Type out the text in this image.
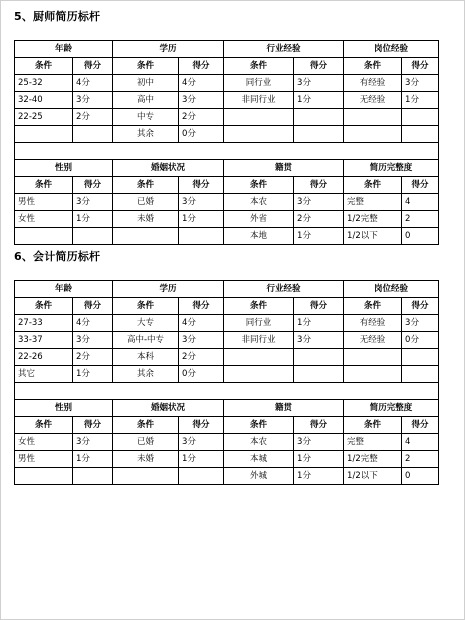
5、厨师简历标杆
年龄		学历		行业经验		岗位经验	
条件	得分	条件	得分	条件	得分	条件	得分
25-32	4分	初中	4分	同行业	3分	有经验	3分
32-40	3分	高中	3分	非同行业	1分	无经验	1分
22-25	2分	中专	2分				
		其余	0分				

性别		婚姻状况		籍贯		简历完整度	
条件	得分	条件	得分	条件	得分	条件	得分
男性	3分	已婚	3分	本农	3分	完整	4
女性	1分	未婚	1分	外省	2分	1/2完整	2
				本地	1分	1/2以下	0
6、会计简历标杆
年龄		学历		行业经验		岗位经验	
条件	得分	条件	得分	条件	得分	条件	得分
27-33	4分	大专	4分	同行业	1分	有经验	3分
33-37	3分	高中-中专	3分	非同行业	3分	无经验	0分
22-26	2分	本科	2分				
其它	1分	其余	0分				

性别		婚姻状况		籍贯		简历完整度	
条件	得分	条件	得分	条件	得分	条件	得分
女性	3分	已婚	3分	本农	3分	完整	4
男性	1分	未婚	1分	本城	1分	1/2完整	2
				外城	1分	1/2以下	0
